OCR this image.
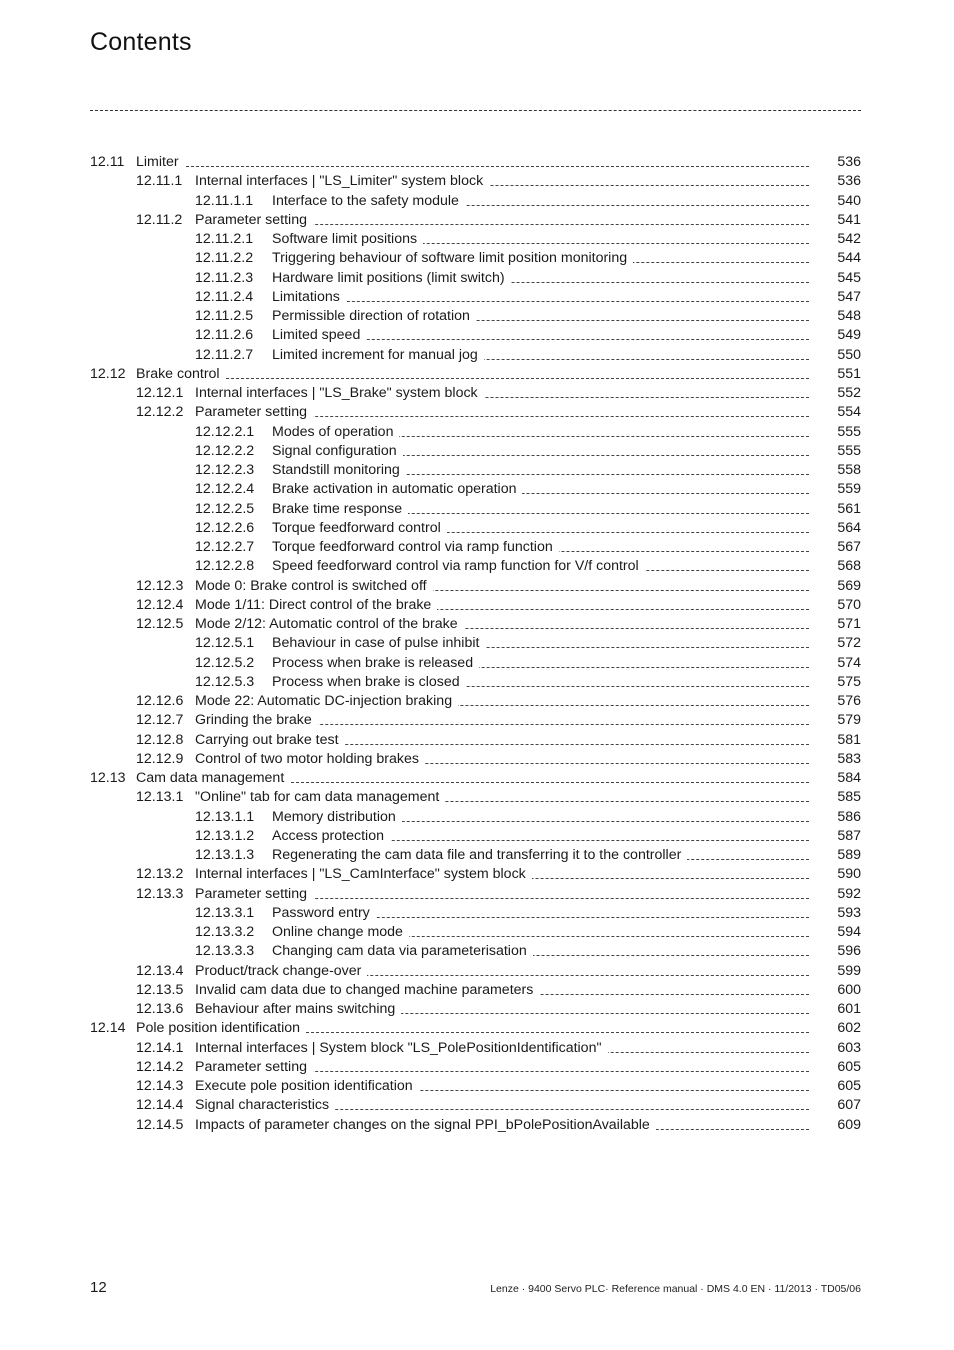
Contents
12.11 Limiter	536
12.11.1 Internal interfaces | "LS_Limiter" system block	536
12.11.1.1 Interface to the safety module	540
12.11.2 Parameter setting	541
12.11.2.1 Software limit positions	542
12.11.2.2 Triggering behaviour of software limit position monitoring	544
12.11.2.3 Hardware limit positions (limit switch)	545
12.11.2.4 Limitations	547
12.11.2.5 Permissible direction of rotation	548
12.11.2.6 Limited speed	549
12.11.2.7 Limited increment for manual jog	550
12.12 Brake control	551
12.12.1 Internal interfaces | "LS_Brake" system block	552
12.12.2 Parameter setting	554
12.12.2.1 Modes of operation	555
12.12.2.2 Signal configuration	555
12.12.2.3 Standstill monitoring	558
12.12.2.4 Brake activation in automatic operation	559
12.12.2.5 Brake time response	561
12.12.2.6 Torque feedforward control	564
12.12.2.7 Torque feedforward control via ramp function	567
12.12.2.8 Speed feedforward control via ramp function for V/f control	568
12.12.3 Mode 0: Brake control is switched off	569
12.12.4 Mode 1/11: Direct control of the brake	570
12.12.5 Mode 2/12: Automatic control of the brake	571
12.12.5.1 Behaviour in case of pulse inhibit	572
12.12.5.2 Process when brake is released	574
12.12.5.3 Process when brake is closed	575
12.12.6 Mode 22: Automatic DC-injection braking	576
12.12.7 Grinding the brake	579
12.12.8 Carrying out brake test	581
12.12.9 Control of two motor holding brakes	583
12.13 Cam data management	584
12.13.1 "Online" tab for cam data management	585
12.13.1.1 Memory distribution	586
12.13.1.2 Access protection	587
12.13.1.3 Regenerating the cam data file and transferring it to the controller	589
12.13.2 Internal interfaces | "LS_CamInterface" system block	590
12.13.3 Parameter setting	592
12.13.3.1 Password entry	593
12.13.3.2 Online change mode	594
12.13.3.3 Changing cam data via parameterisation	596
12.13.4 Product/track change-over	599
12.13.5 Invalid cam data due to changed machine parameters	600
12.13.6 Behaviour after mains switching	601
12.14 Pole position identification	602
12.14.1 Internal interfaces | System block "LS_PolePositionIdentification"	603
12.14.2 Parameter setting	605
12.14.3 Execute pole position identification	605
12.14.4 Signal characteristics	607
12.14.5 Impacts of parameter changes on the signal PPI_bPolePositionAvailable	609
12	Lenze · 9400 Servo PLC· Reference manual · DMS 4.0 EN · 11/2013 · TD05/06
